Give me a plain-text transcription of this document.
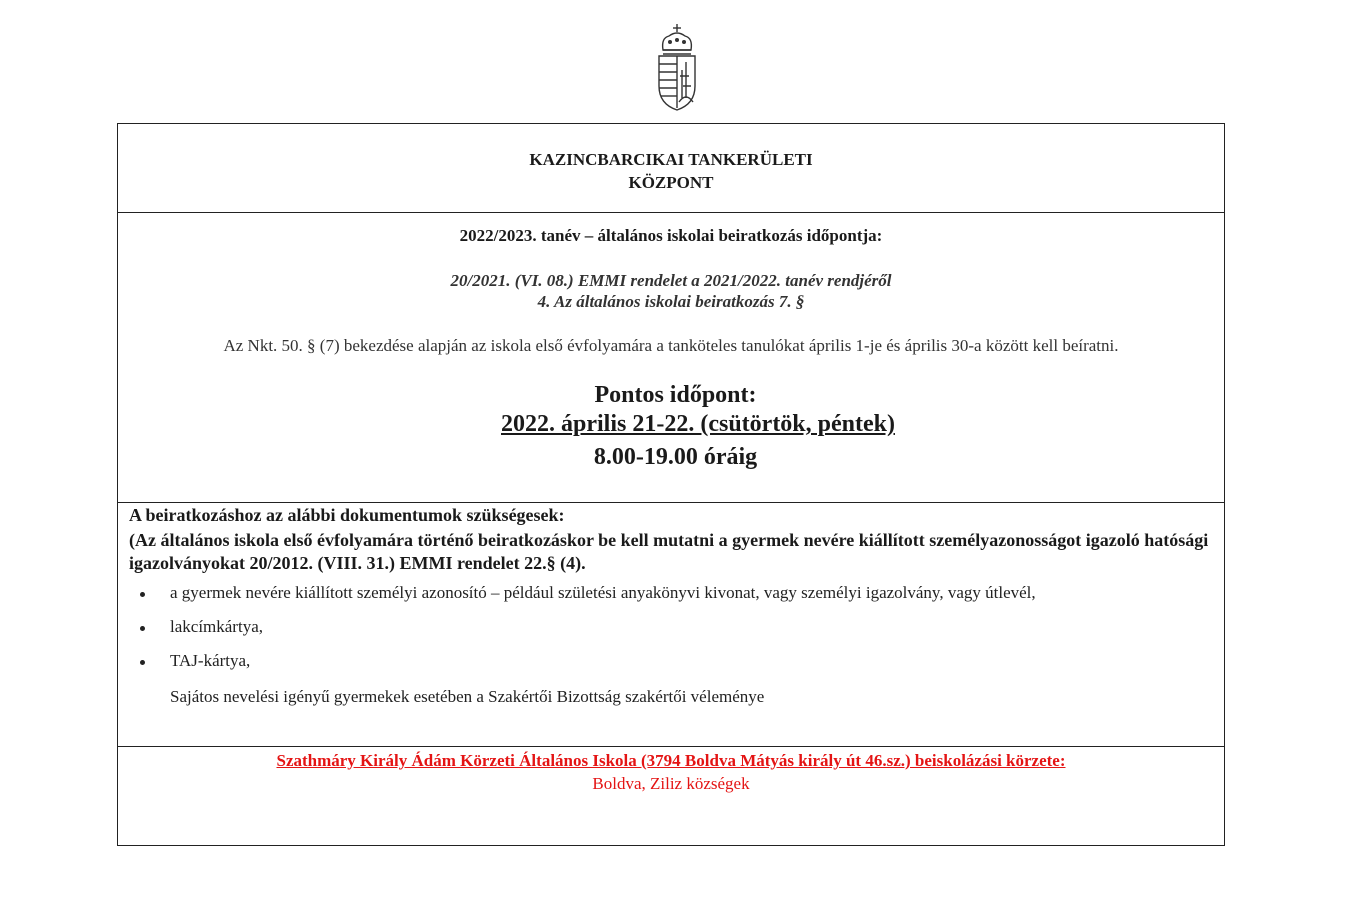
KAZINCBARCIKAI TANKERÜLETI
KÖZPONT
2022/2023. tanév – általános iskolai beiratkozás időpontja:
20/2021. (VI. 08.) EMMI rendelet a 2021/2022. tanév rendjéről
4. Az általános iskolai beiratkozás 7. §
Az Nkt. 50. § (7) bekezdése alapján az iskola első évfolyamára a tanköteles tanulókat április 1-je és április 30-a között kell beíratni.
Pontos időpont:
2022. április 21-22. (csütörtök, péntek)
8.00-19.00 óráig
A beiratkozáshoz az alábbi dokumentumok szükségesek:
(Az általános iskola első évfolyamára történő beiratkozáskor be kell mutatni a gyermek nevére kiállított személyazonosságot igazoló hatósági igazolványokat 20/2012. (VIII. 31.) EMMI rendelet 22.§ (4).
a gyermek nevére kiállított személyi azonosító – például születési anyakönyvi kivonat, vagy személyi igazolvány, vagy útlevél,
lakcímkártya,
TAJ-kártya,
Sajátos nevelési igényű gyermekek esetében a Szakértői Bizottság szakértői véleménye
Szathmáry Király Ádám Körzeti Általános Iskola (3794 Boldva Mátyás király út 46.sz.) beiskolázási körzete:
Boldva, Ziliz községek
